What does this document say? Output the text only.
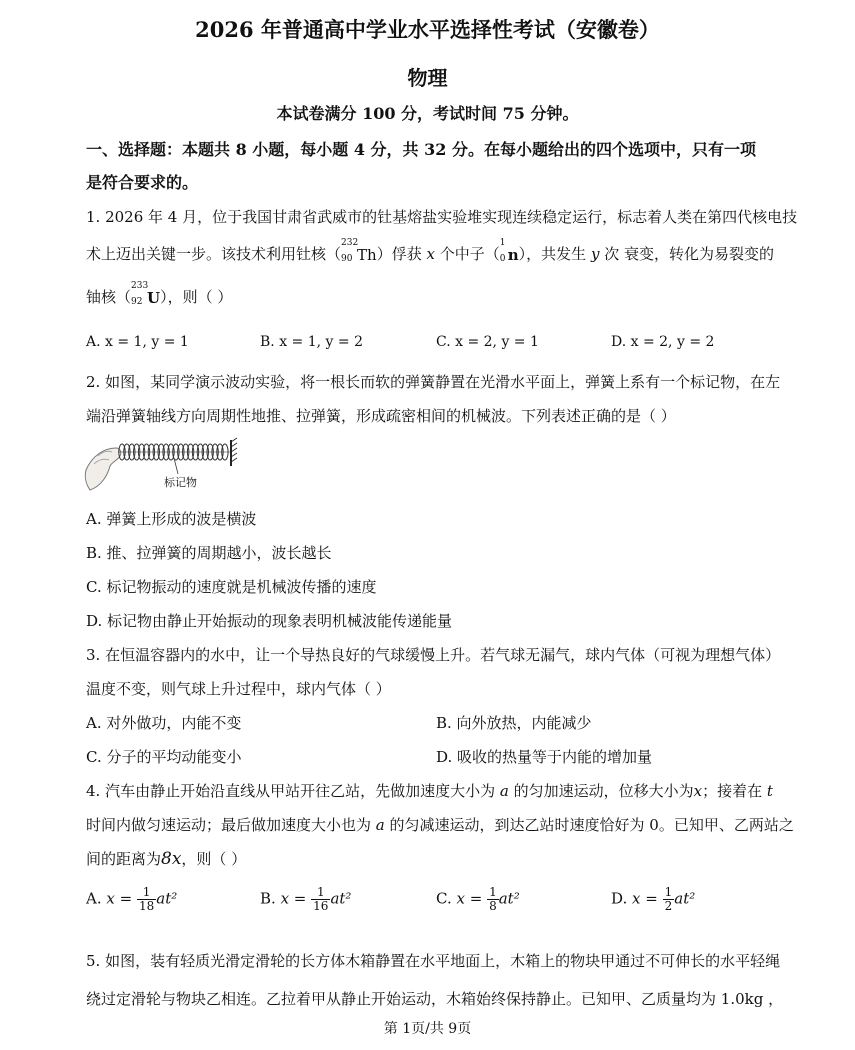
2026 年普通高中学业水平选择性考试（安徽卷）
物理
本试卷满分 100 分，考试时间 75 分钟。
一、选择题：本题共 8 小题，每小题 4 分，共 32 分。在每小题给出的四个选项中，只有一项
是符合要求的。
1. 2026 年 4 月，位于我国甘肃省武威市的钍基熔盐实验堆实现连续稳定运行，标志着人类在第四代核电技
术上迈出关键一步。该技术利用钍核（
232
90 Th）俘获 x 个中子（
1
0 n），共发生 y 次 衰变，转化为易裂变的
铀核（
233
92 U），则（ ）
A. x = 1, y = 1	B. x = 1, y = 2	C. x = 2, y = 1	D. x = 2, y = 2
2. 如图，某同学演示波动实验，将一根长而软的弹簧静置在光滑水平面上，弹簧上系有一个标记物，在左
端沿弹簧轴线方向周期性地推、拉弹簧，形成疏密相间的机械波。下列表述正确的是（ ）
标记物
A. 弹簧上形成的波是横波
B. 推、拉弹簧的周期越小，波长越长
C. 标记物振动的速度就是机械波传播的速度
D. 标记物由静止开始振动的现象表明机械波能传递能量
3. 在恒温容器内的水中，让一个导热良好的气球缓慢上升。若气球无漏气，球内气体（可视为理想气体）
温度不变，则气球上升过程中，球内气体（ ）
A. 对外做功，内能不变	B. 向外放热，内能减少
C. 分子的平均动能变小	D. 吸收的热量等于内能的增加量
4. 汽车由静止开始沿直线从甲站开往乙站，先做加速度大小为 a 的匀加速运动，位移大小为x；接着在 t
时间内做匀速运动；最后做加速度大小也为 a 的匀减速运动，到达乙站时速度恰好为 0。已知甲、乙两站之
间的距离为8x，则（ ）
A. $x = \frac{1}{18} at^2$	B. $x = \frac{1}{16} at^2$	C. $x = \frac{1}{8} at^2$	D. $x = \frac{1}{2} at^2$
5. 如图，装有轻质光滑定滑轮的长方体木箱静置在水平地面上，木箱上的物块甲通过不可伸长的水平轻绳
绕过定滑轮与物块乙相连。乙拉着甲从静止开始运动，木箱始终保持静止。已知甲、乙质量均为 1.0kg ，
第 1页/共 9页
